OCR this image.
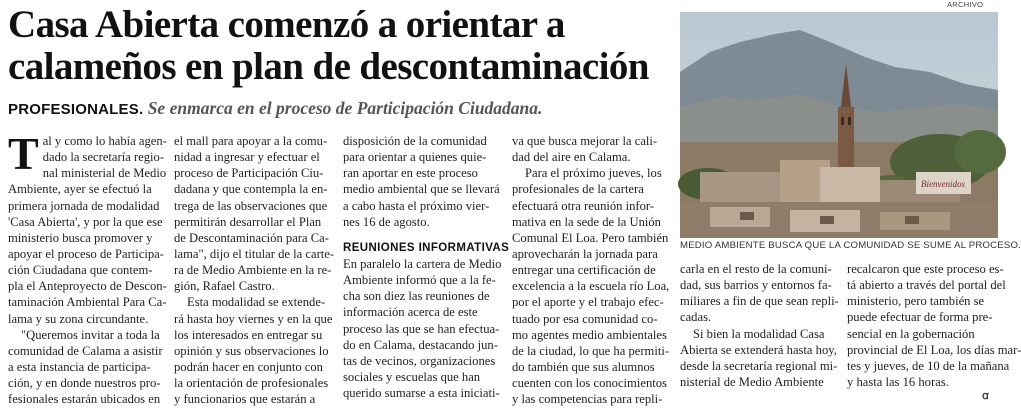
Casa Abierta comenzó a orientar a
calameños en plan de descontaminación
PROFESIONALES. Se enmarca en el proceso de Participación Ciudadana.
T al y como lo había agen-
dado la secretaría regio-
nal ministerial de Medio
Ambiente, ayer se efectuó la
primera jornada de modalidad
'Casa Abierta', y por la que ese
ministerio busca promover y
apoyar el proceso de Participa-
ción Ciudadana que contem-
pla el Anteproyecto de Descon-
taminación Ambiental Para Ca-
lama y su zona circundante.
"Queremos invitar a toda la
comunidad de Calama a asistir
a esta instancia de participa-
ción, y en donde nuestros pro-
fesionales estarán ubicados en
el mall para apoyar a la comu-
nidad a ingresar y efectuar el
proceso de Participación Ciu-
dadana y que contempla la en-
trega de las observaciones que
permitirán desarrollar el Plan
de Descontaminación para Ca-
lama", dijo el titular de la carte-
ra de Medio Ambiente en la re-
gión, Rafael Castro.
Esta modalidad se extende-
rá hasta hoy viernes y en la que
los interesados en entregar su
opinión y sus observaciones lo
podrán hacer en conjunto con
la orientación de profesionales
y funcionarios que estarán a
disposición de la comunidad
para orientar a quienes quie-
ran aportar en este proceso
medio ambiental que se llevará
a cabo hasta el próximo vier-
nes 16 de agosto.
REUNIONES INFORMATIVAS
En paralelo la cartera de Medio
Ambiente informó que a la fe-
cha son diez las reuniones de
información acerca de este
proceso las que se han efectua-
do en Calama, destacando jun-
tas de vecinos, organizaciones
sociales y escuelas que han
querido sumarse a esta iniciati-
va que busca mejorar la cali-
dad del aire en Calama.
Para el próximo jueves, los
profesionales de la cartera
efectuará otra reunión infor-
mativa en la sede de la Unión
Comunal El Loa. Pero también
aprovecharán la jornada para
entregar una certificación de
excelencia a la escuela río Loa,
por el aporte y el trabajo efec-
tuado por esa comunidad co-
mo agentes medio ambientales
de la ciudad, lo que ha permiti-
do también que sus alumnos
cuenten con los conocimientos
y las competencias para repli-
ARCHIVO
Bienvenidos
MEDIO AMBIENTE BUSCA QUE LA COMUNIDAD SE SUME AL PROCESO.
carla en el resto de la comuni-
dad, sus barrios y entornos fa-
miliares a fin de que sean repli-
cadas.
Si bien la modalidad Casa
Abierta se extenderá hasta hoy,
desde la secretaría regional mi-
nisterial de Medio Ambiente
recalcaron que este proceso es-
tá abierto a través del portal del
ministerio, pero también se
puede efectuar de forma pre-
sencial en la gobernación
provincial de El Loa, los días mar-
tes y jueves, de 10 de la mañana
y hasta las 16 horas.
ꭤ
